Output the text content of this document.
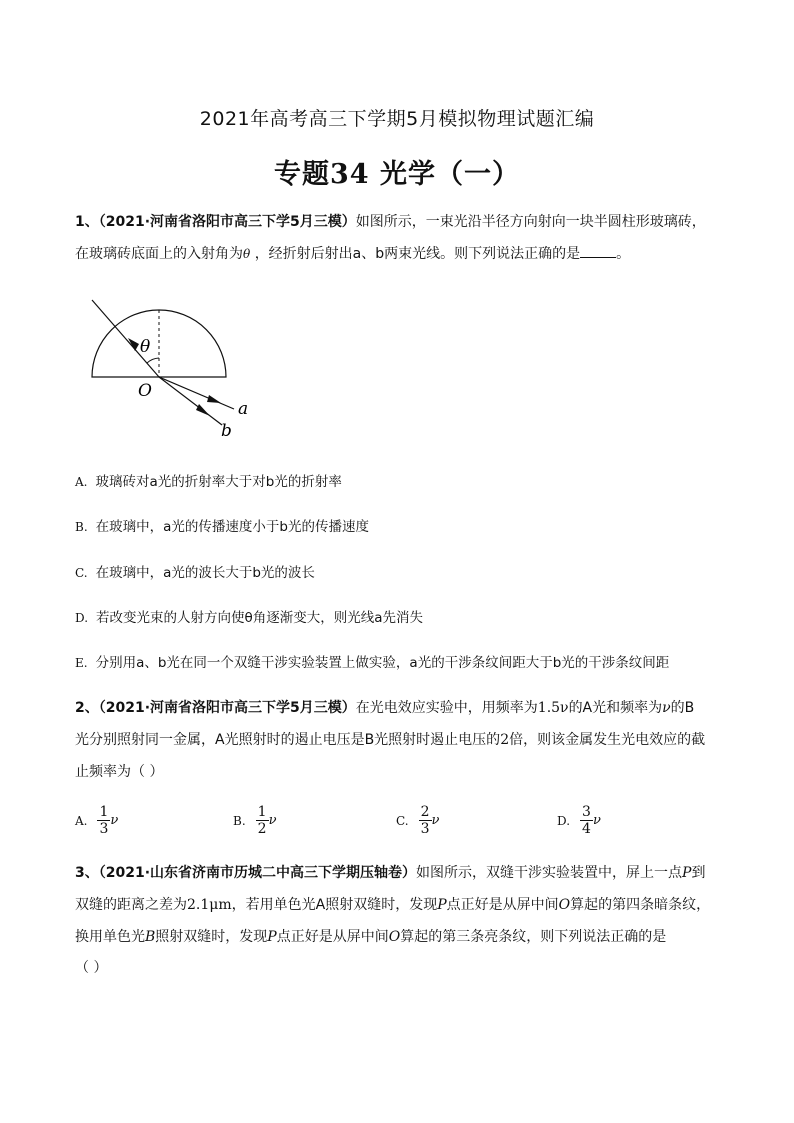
2021年高考高三下学期5月模拟物理试题汇编
专题34 光学（一）
1、（2021·河南省洛阳市高三下学5月三模）如图所示，一束光沿半径方向射向一块半圆柱形玻璃砖，
在玻璃砖底面上的入射角为θ ，经折射后射出a、b两束光线。则下列说法正确的是	。
θ
O
a
b
A. 玻璃砖对a光的折射率大于对b光的折射率
B. 在玻璃中，a光的传播速度小于b光的传播速度
C. 在玻璃中，a光的波长大于b光的波长
D. 若改变光束的人射方向使θ角逐渐变大，则光线a先消失
E. 分别用a、b光在同一个双缝干涉实验装置上做实验，a光的干涉条纹间距大于b光的干涉条纹间距
2、（2021·河南省洛阳市高三下学5月三模）在光电效应实验中，用频率为1.5ν的A光和频率为ν的B
光分别照射同一金属，A光照射时的遏止电压是B光照射时遏止电压的2倍，则该金属发生光电效应的截
止频率为（ ）
A. $\frac{1}{3}$ ν	B. $\frac{1}{2}$ ν	C. $\frac{2}{3}$ ν	D. $\frac{3}{4}$ ν
3、（2021·山东省济南市历城二中高三下学期压轴卷）如图所示，双缝干涉实验装置中，屏上一点P到
双缝的距离之差为2.1μm，若用单色光A照射双缝时，发现P点正好是从屏中间O算起的第四条暗条纹，
换用单色光B照射双缝时，发现P点正好是从屏中间O算起的第三条亮条纹，则下列说法正确的是
（ ）
